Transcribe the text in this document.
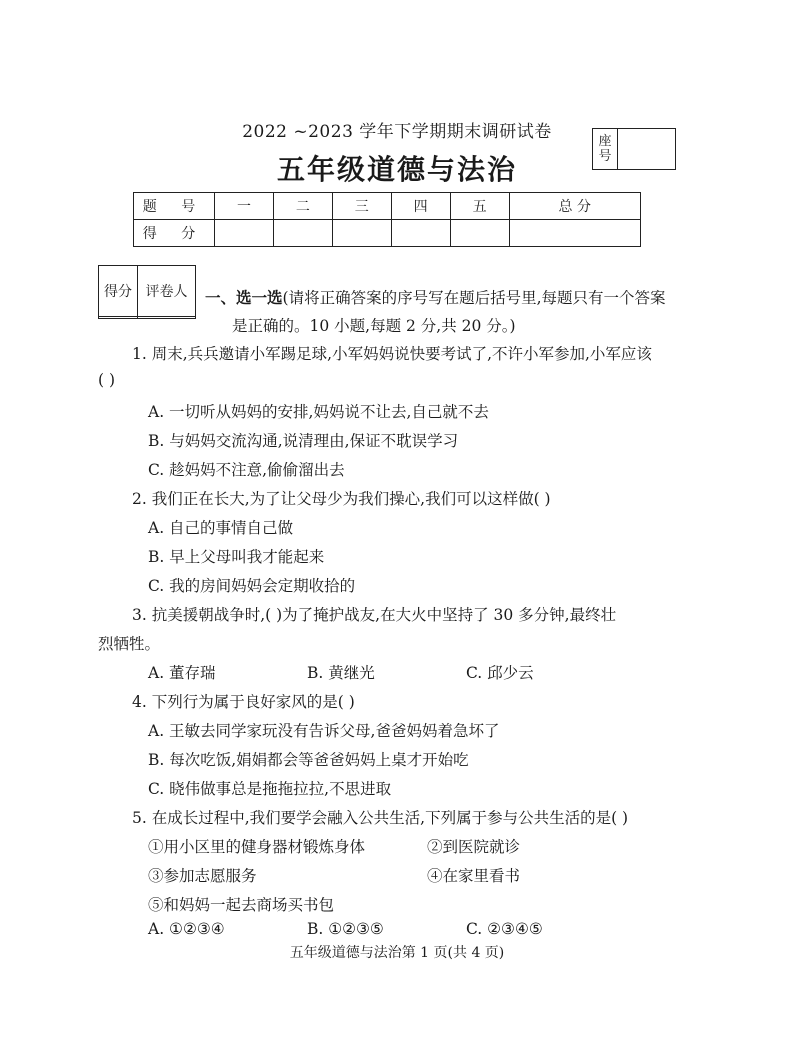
2022 ~2023 学年下学期期末调研试卷
五年级道德与法治
座
号
题 号	一	二	三	四	五	总 分
得 分						
得分	评卷人
	一、选一选(请将正确答案的序号写在题后括号里,每题只有一个答案
是正确的。10 小题,每题 2 分,共 20 分。)
1. 周末,兵兵邀请小军踢足球,小军妈妈说快要考试了,不许小军参加,小军应该
( )
A. 一切听从妈妈的安排,妈妈说不让去,自己就不去
B. 与妈妈交流沟通,说清理由,保证不耽误学习
C. 趁妈妈不注意,偷偷溜出去
2. 我们正在长大,为了让父母少为我们操心,我们可以这样做( )
A. 自己的事情自己做
B. 早上父母叫我才能起来
C. 我的房间妈妈会定期收拾的
3. 抗美援朝战争时,( )为了掩护战友,在大火中坚持了 30 多分钟,最终壮
烈牺牲。
A. 董存瑞	B. 黄继光	C. 邱少云
4. 下列行为属于良好家风的是( )
A. 王敏去同学家玩没有告诉父母,爸爸妈妈着急坏了
B. 每次吃饭,娟娟都会等爸爸妈妈上桌才开始吃
C. 晓伟做事总是拖拖拉拉,不思进取
5. 在成长过程中,我们要学会融入公共生活,下列属于参与公共生活的是( )
①用小区里的健身器材锻炼身体	②到医院就诊
③参加志愿服务	④在家里看书
⑤和妈妈一起去商场买书包
A. ①②③④	B. ①②③⑤	C. ②③④⑤
五年级道德与法治第 1 页(共 4 页)
